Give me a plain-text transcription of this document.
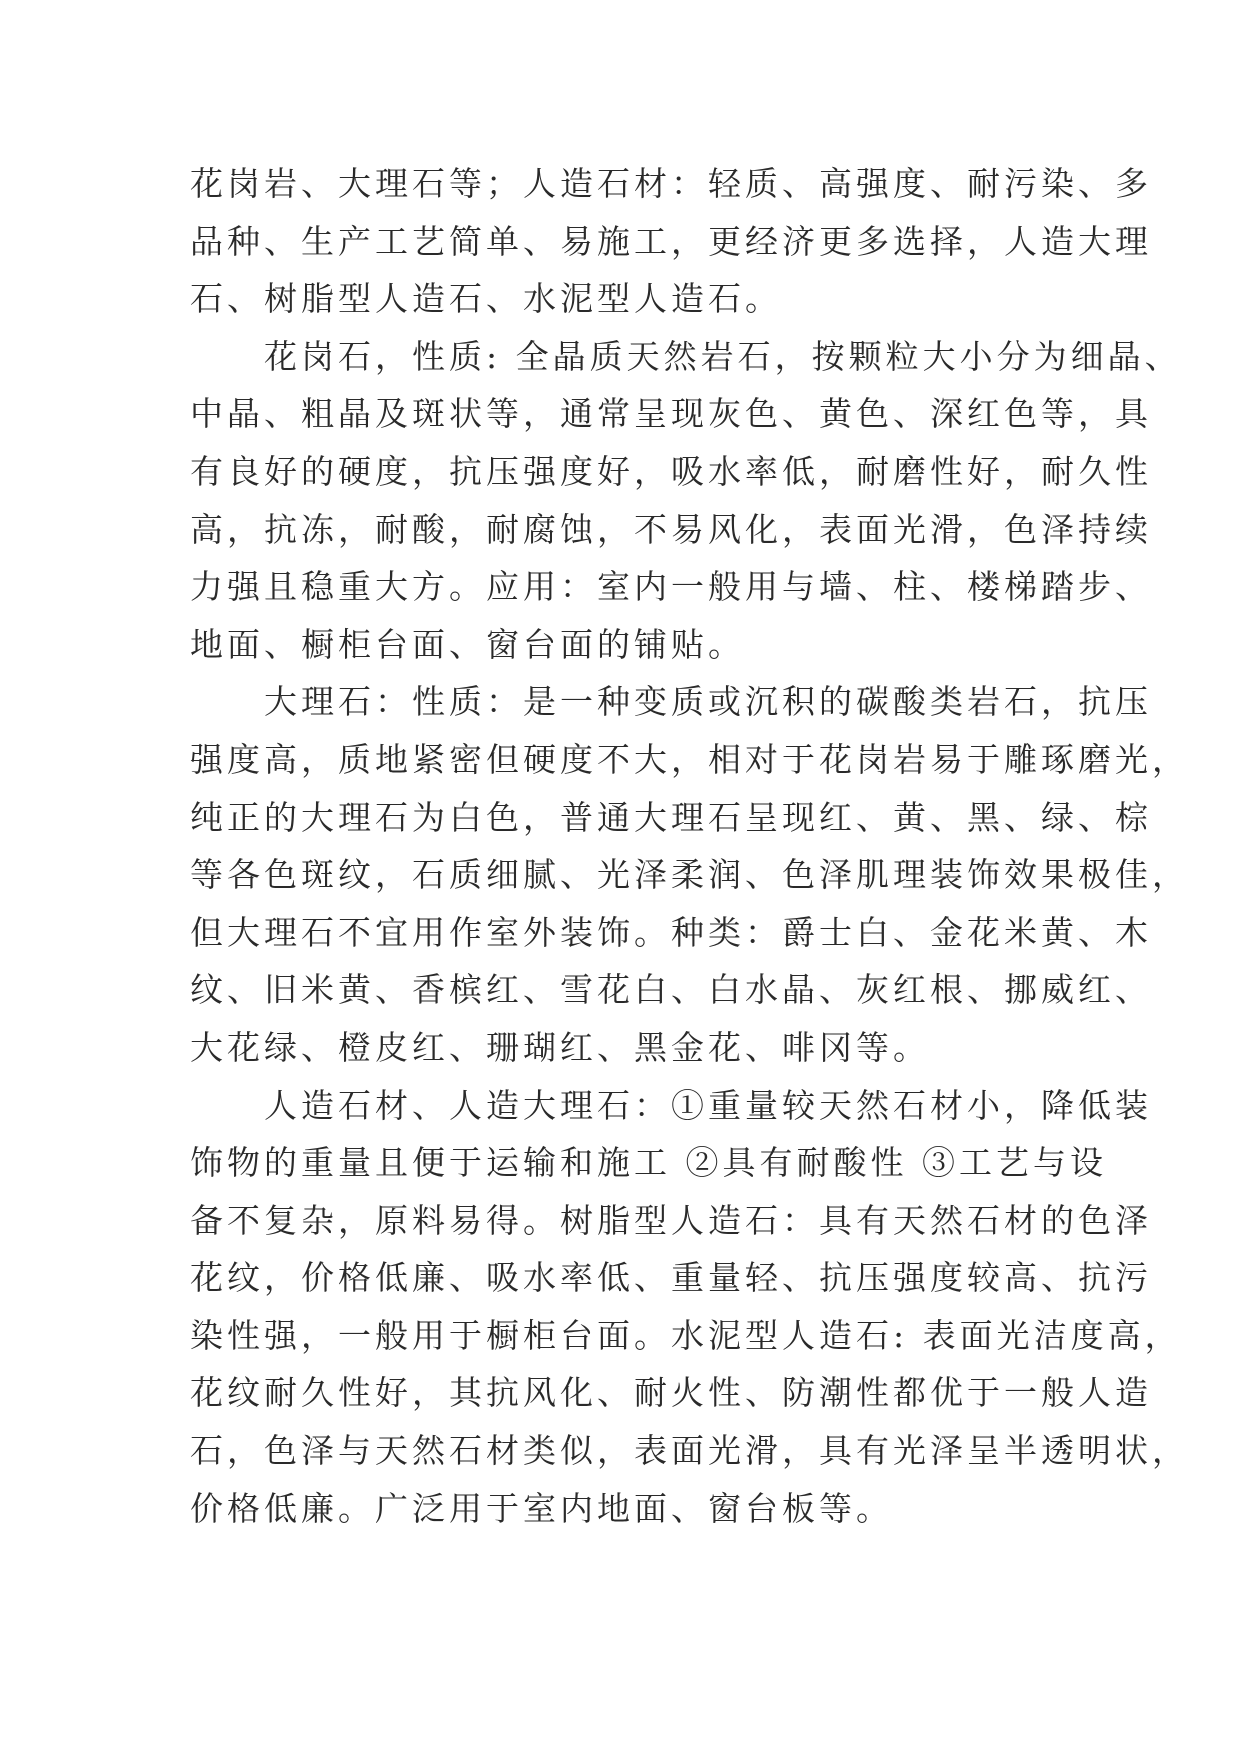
花岗岩、大理石等；人造石材：轻质、高强度、耐污染、多
品种、生产工艺简单、易施工，更经济更多选择，人造大理
石、树脂型人造石、水泥型人造石。
花岗石，性质: 全晶质天然岩石，按颗粒大小分为细晶、
中晶、粗晶及斑状等，通常呈现灰色、黄色、深红色等，具
有良好的硬度，抗压强度好，吸水率低，耐磨性好，耐久性
高，抗冻，耐酸，耐腐蚀，不易风化，表面光滑，色泽持续
力强且稳重大方。应用：室内一般用与墙、柱、楼梯踏步、
地面、橱柜台面、窗台面的铺贴。
大理石：性质：是一种变质或沉积的碳酸类岩石，抗压
强度高，质地紧密但硬度不大，相对于花岗岩易于雕琢磨光，
纯正的大理石为白色，普通大理石呈现红、黄、黑、绿、棕
等各色斑纹，石质细腻、光泽柔润、色泽肌理装饰效果极佳，
但大理石不宜用作室外装饰。种类：爵士白、金花米黄、木
纹、旧米黄、香槟红、雪花白、白水晶、灰红根、挪威红、
大花绿、橙皮红、珊瑚红、黑金花、啡冈等。
人造石材、人造大理石：①重量较天然石材小，降低装
饰物的重量且便于运输和施工 ②具有耐酸性 ③工艺与设
备不复杂，原料易得。树脂型人造石：具有天然石材的色泽
花纹，价格低廉、吸水率低、重量轻、抗压强度较高、抗污
染性强，一般用于橱柜台面。水泥型人造石: 表面光洁度高，
花纹耐久性好，其抗风化、耐火性、防潮性都优于一般人造
石，色泽与天然石材类似，表面光滑，具有光泽呈半透明状，
价格低廉。广泛用于室内地面、窗台板等。
